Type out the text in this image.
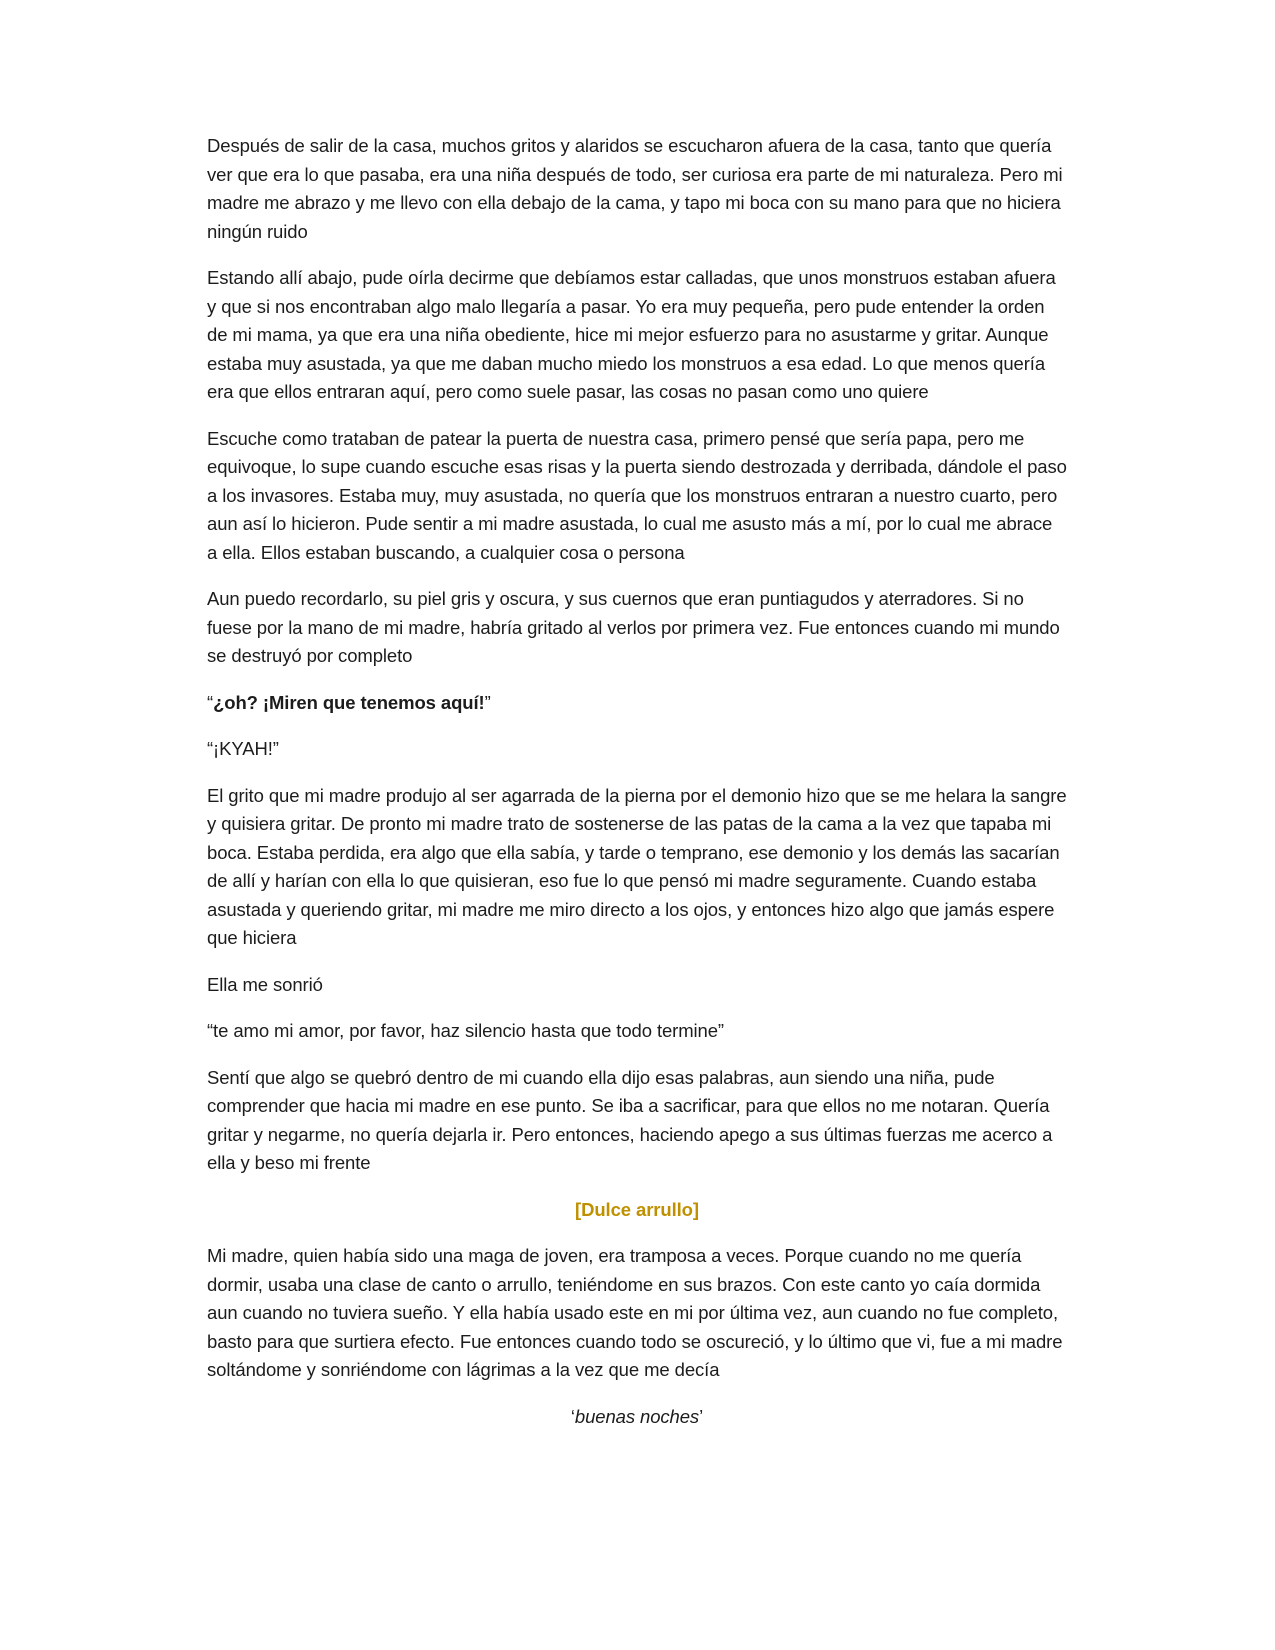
Después de salir de la casa, muchos gritos y alaridos se escucharon afuera de la casa, tanto que quería ver que era lo que pasaba, era una niña después de todo, ser curiosa era parte de mi naturaleza. Pero mi madre me abrazo y me llevo con ella debajo de la cama, y tapo mi boca con su mano para que no hiciera ningún ruido

Estando allí abajo, pude oírla decirme que debíamos estar calladas, que unos monstruos estaban afuera y que si nos encontraban algo malo llegaría a pasar. Yo era muy pequeña, pero pude entender la orden de mi mama, ya que era una niña obediente, hice mi mejor esfuerzo para no asustarme y gritar. Aunque estaba muy asustada, ya que me daban mucho miedo los monstruos a esa edad. Lo que menos quería era que ellos entraran aquí, pero como suele pasar, las cosas no pasan como uno quiere

Escuche como trataban de patear la puerta de nuestra casa, primero pensé que sería papa, pero me equivoque, lo supe cuando escuche esas risas y la puerta siendo destrozada y derribada, dándole el paso a los invasores. Estaba muy, muy asustada, no quería que los monstruos entraran a nuestro cuarto, pero aun así lo hicieron. Pude sentir a mi madre asustada, lo cual me asusto más a mí, por lo cual me abrace a ella. Ellos estaban buscando, a cualquier cosa o persona

Aun puedo recordarlo, su piel gris y oscura, y sus cuernos que eran puntiagudos y aterradores. Si no fuese por la mano de mi madre, habría gritado al verlos por primera vez. Fue entonces cuando mi mundo se destruyó por completo

“¿oh? ¡Miren que tenemos aquí!”

“¡KYAH!”

El grito que mi madre produjo al ser agarrada de la pierna por el demonio hizo que se me helara la sangre y quisiera gritar. De pronto mi madre trato de sostenerse de las patas de la cama a la vez que tapaba mi boca. Estaba perdida, era algo que ella sabía, y tarde o temprano, ese demonio y los demás las sacarían de allí y harían con ella lo que quisieran, eso fue lo que pensó mi madre seguramente. Cuando estaba asustada y queriendo gritar, mi madre me miro directo a los ojos, y entonces hizo algo que jamás espere que hiciera

Ella me sonrió

“te amo mi amor, por favor, haz silencio hasta que todo termine”

Sentí que algo se quebró dentro de mi cuando ella dijo esas palabras, aun siendo una niña, pude comprender que hacia mi madre en ese punto. Se iba a sacrificar, para que ellos no me notaran. Quería gritar y negarme, no quería dejarla ir. Pero entonces, haciendo apego a sus últimas fuerzas me acerco a ella y beso mi frente

[Dulce arrullo]

Mi madre, quien había sido una maga de joven, era tramposa a veces. Porque cuando no me quería dormir, usaba una clase de canto o arrullo, teniéndome en sus brazos. Con este canto yo caía dormida aun cuando no tuviera sueño. Y ella había usado este en mi por última vez, aun cuando no fue completo, basto para que surtiera efecto. Fue entonces cuando todo se oscureció, y lo último que vi, fue a mi madre soltándome y sonriéndome con lágrimas a la vez que me decía

‘buenas noches’
